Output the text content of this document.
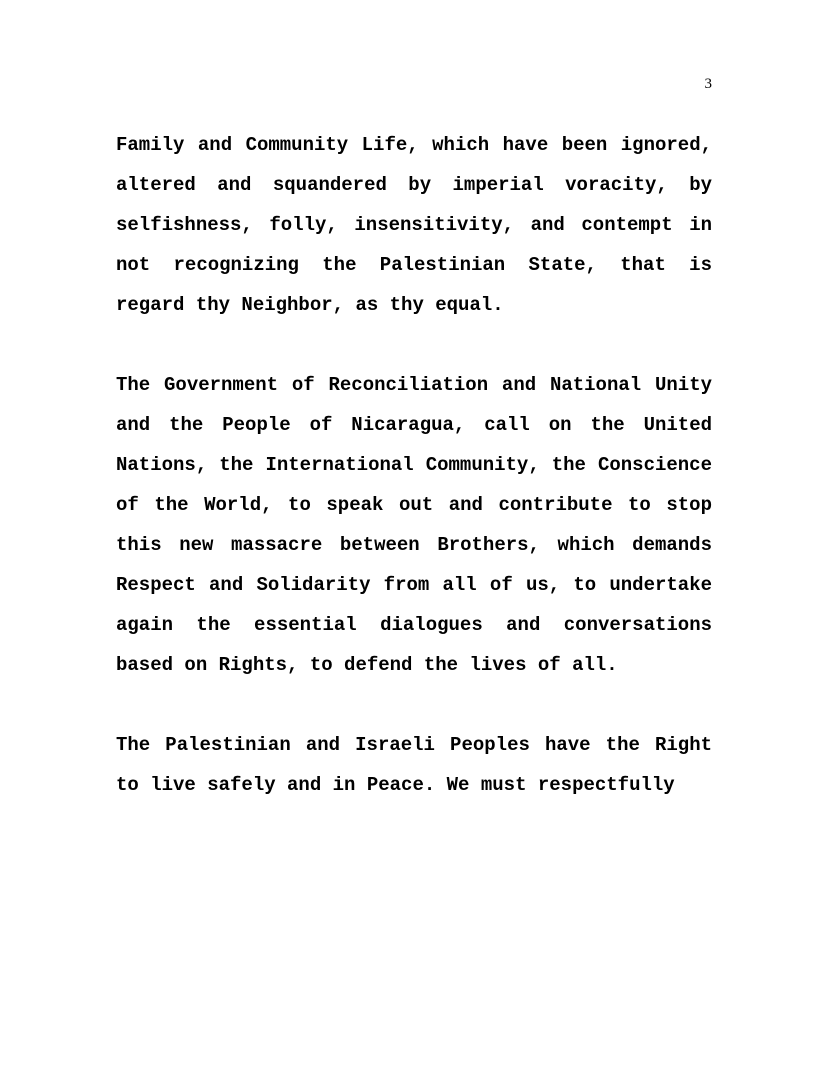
3

Family and Community Life, which have been ignored, altered and squandered by imperial voracity, by selfishness, folly, insensitivity, and contempt in not recognizing the Palestinian State, that is regard thy Neighbor, as thy equal.

The Government of Reconciliation and National Unity and the People of Nicaragua, call on the United Nations, the International Community, the Conscience of the World, to speak out and contribute to stop this new massacre between Brothers, which demands Respect and Solidarity from all of us, to undertake again the essential dialogues and conversations based on Rights, to defend the lives of all.

The Palestinian and Israeli Peoples have the Right to live safely and in Peace. We must respectfully
